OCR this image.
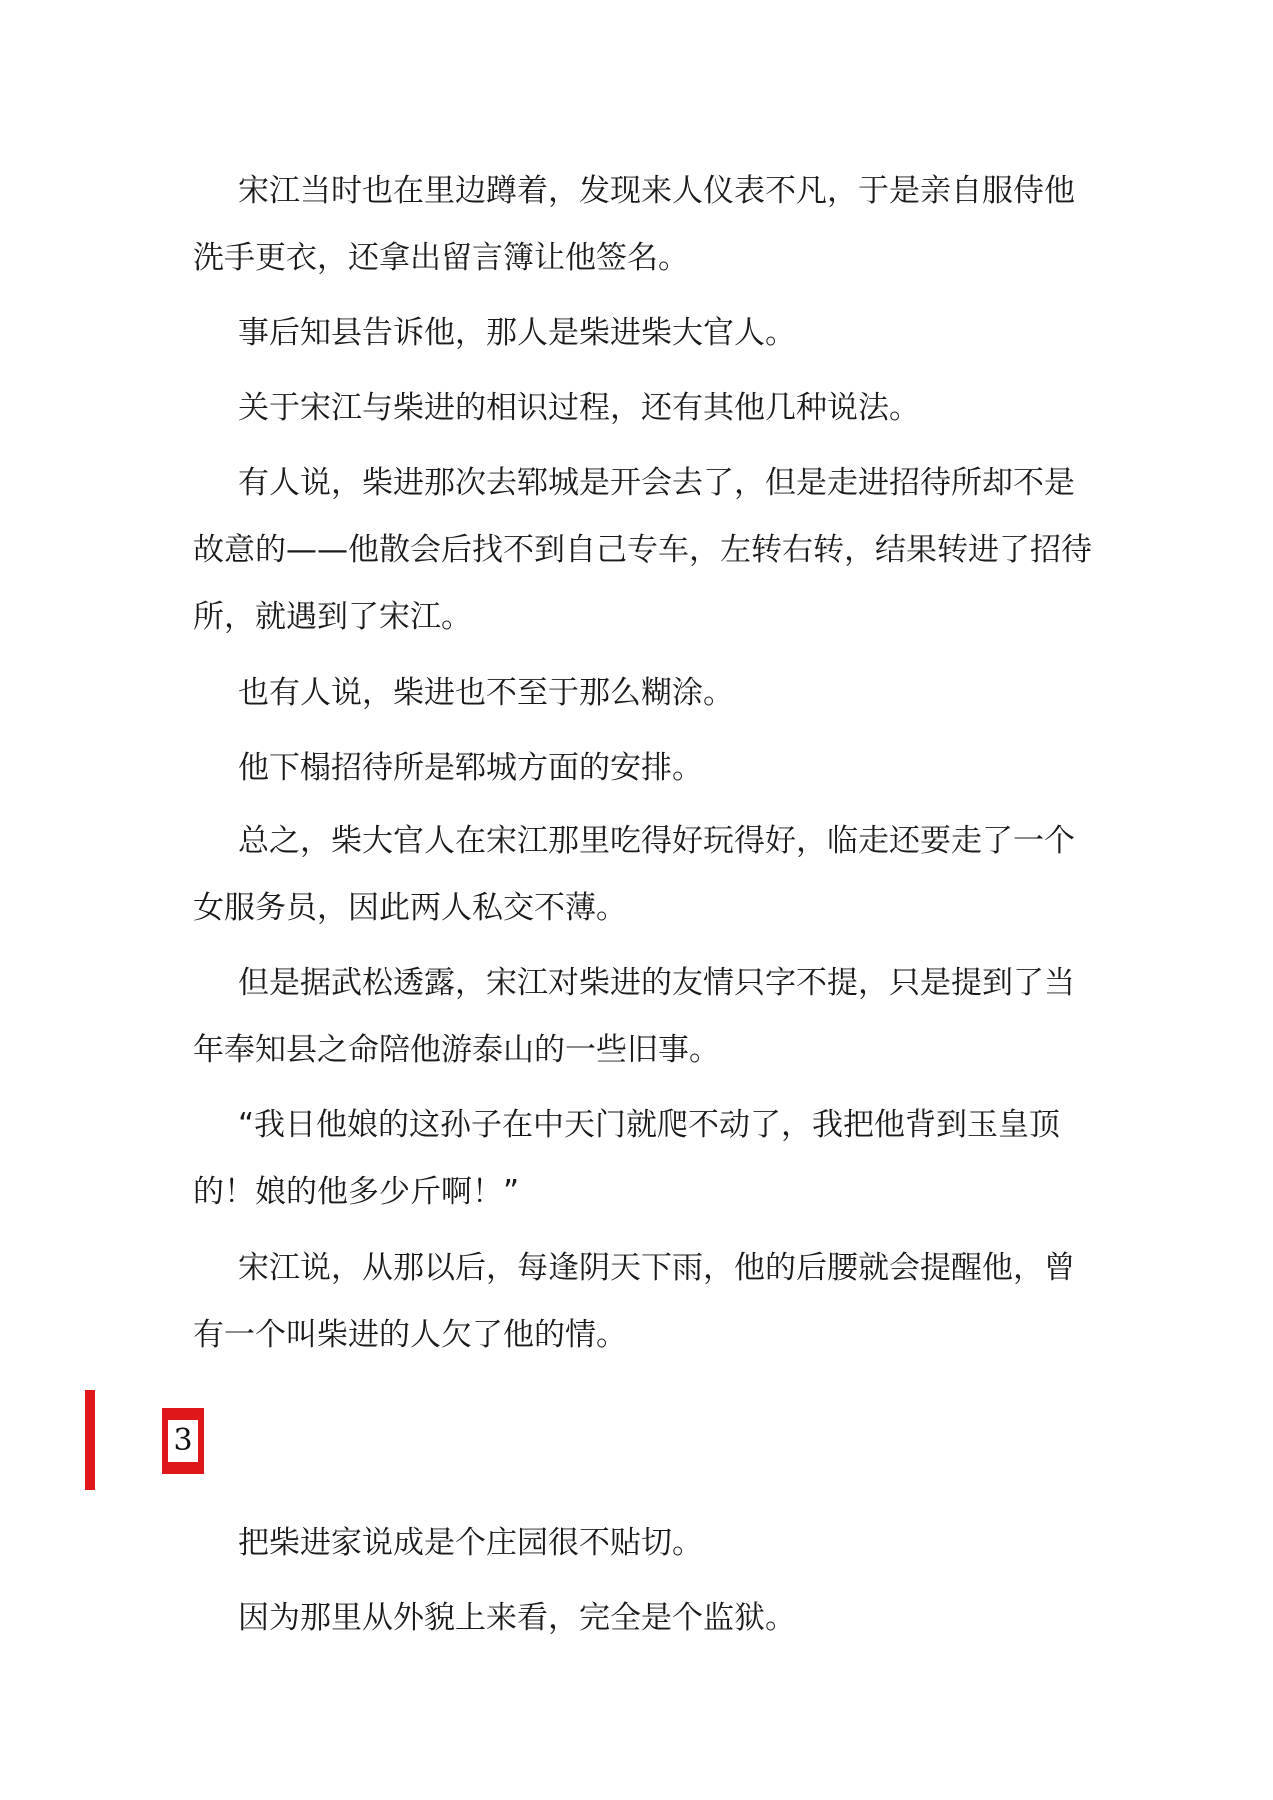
宋江当时也在里边蹲着，发现来人仪表不凡，于是亲自服侍他洗手更衣，还拿出留言簿让他签名。

事后知县告诉他，那人是柴进柴大官人。

关于宋江与柴进的相识过程，还有其他几种说法。

有人说，柴进那次去郓城是开会去了，但是走进招待所却不是故意的——他散会后找不到自己专车，左转右转，结果转进了招待所，就遇到了宋江。

也有人说，柴进也不至于那么糊涂。

他下榻招待所是郓城方面的安排。

总之，柴大官人在宋江那里吃得好玩得好，临走还要走了一个女服务员，因此两人私交不薄。

但是据武松透露，宋江对柴进的友情只字不提，只是提到了当年奉知县之命陪他游泰山的一些旧事。

“我日他娘的这孙子在中天门就爬不动了，我把他背到玉皇顶的！娘的他多少斤啊！”

宋江说，从那以后，每逢阴天下雨，他的后腰就会提醒他，曾有一个叫柴进的人欠了他的情。

3

把柴进家说成是个庄园很不贴切。

因为那里从外貌上来看，完全是个监狱。
